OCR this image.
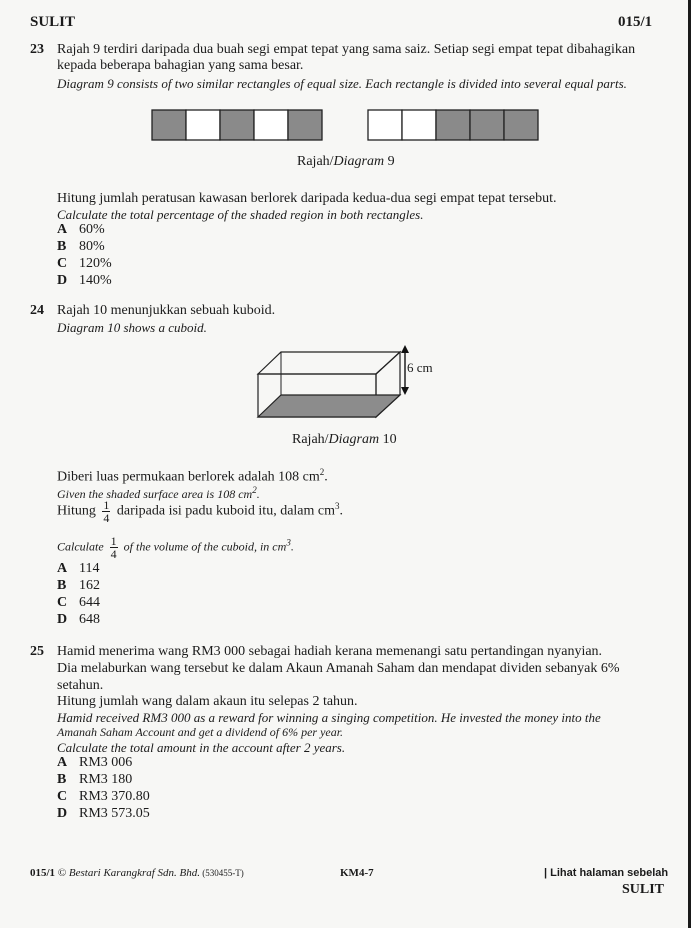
SULIT	015/1
23 Rajah 9 terdiri daripada dua buah segi empat tepat yang sama saiz. Setiap segi empat tepat dibahagikan
kepada beberapa bahagian yang sama besar.
Diagram 9 consists of two similar rectangles of equal size. Each rectangle is divided into several equal parts.
Rajah/Diagram 9
Hitung jumlah peratusan kawasan berlorek daripada kedua-dua segi empat tepat tersebut.
Calculate the total percentage of the shaded region in both rectangles.
A 60%
B 80%
C 120%
D 140%
24 Rajah 10 menunjukkan sebuah kuboid.
Diagram 10 shows a cuboid.
6 cm
Rajah/Diagram 10
Diberi luas permukaan berlorek adalah 108 $cm^2$.
Given the shaded surface area is 108 $cm^2$.
Hitung $\frac{1}{4}$ daripada isi padu kuboid itu, dalam $cm^3$.
Calculate $\frac{1}{4}$ of the volume of the cuboid, in $cm^3$.
A 114
B 162
C 644
D 648
25 Hamid menerima wang RM3 000 sebagai hadiah kerana memenangi satu pertandingan nyanyian.
Dia melaburkan wang tersebut ke dalam Akaun Amanah Saham dan mendapat dividen sebanyak 6%
setahun.
Hitung jumlah wang dalam akaun itu selepas 2 tahun.
Hamid received RM3 000 as a reward for winning a singing competition. He invested the money into the
Amanah Saham Account and get a dividend of 6% per year.
Calculate the total amount in the account after 2 years.
A RM3 006
B RM3 180
C RM3 370.80
D RM3 573.05
015/1 © Bestari Karangkraf Sdn. Bhd. (530455-T)	KM4-7	| Lihat halaman sebelah
SULIT
